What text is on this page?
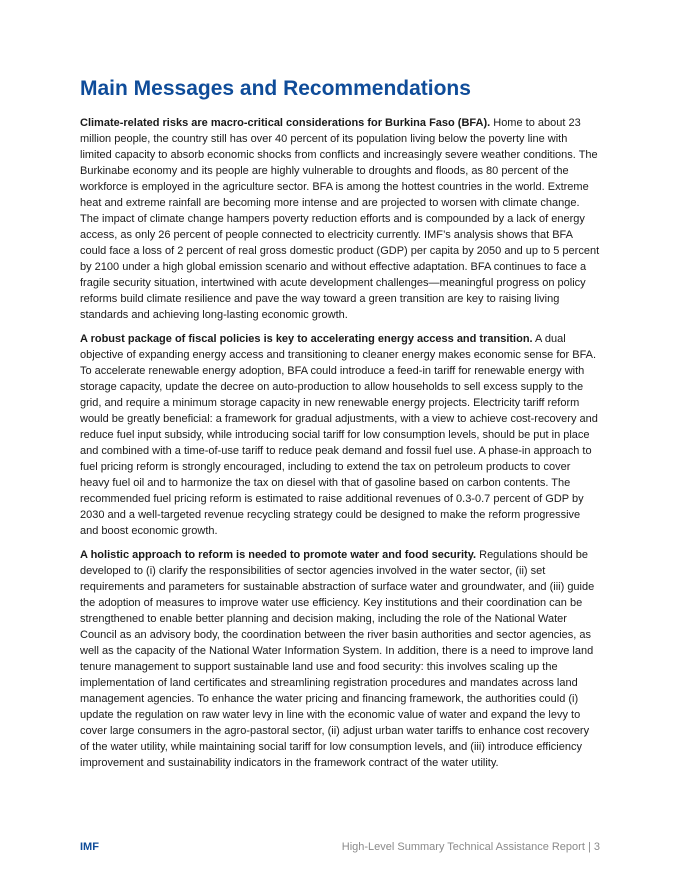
Main Messages and Recommendations

Climate-related risks are macro-critical considerations for Burkina Faso (BFA). Home to about 23 million people, the country still has over 40 percent of its population living below the poverty line with limited capacity to absorb economic shocks from conflicts and increasingly severe weather conditions. The Burkinabe economy and its people are highly vulnerable to droughts and floods, as 80 percent of the workforce is employed in the agriculture sector. BFA is among the hottest countries in the world. Extreme heat and extreme rainfall are becoming more intense and are projected to worsen with climate change. The impact of climate change hampers poverty reduction efforts and is compounded by a lack of energy access, as only 26 percent of people connected to electricity currently. IMF’s analysis shows that BFA could face a loss of 2 percent of real gross domestic product (GDP) per capita by 2050 and up to 5 percent by 2100 under a high global emission scenario and without effective adaptation. BFA continues to face a fragile security situation, intertwined with acute development challenges—meaningful progress on policy reforms build climate resilience and pave the way toward a green transition are key to raising living standards and achieving long-lasting economic growth.

A robust package of fiscal policies is key to accelerating energy access and transition. A dual objective of expanding energy access and transitioning to cleaner energy makes economic sense for BFA. To accelerate renewable energy adoption, BFA could introduce a feed-in tariff for renewable energy with storage capacity, update the decree on auto-production to allow households to sell excess supply to the grid, and require a minimum storage capacity in new renewable energy projects. Electricity tariff reform would be greatly beneficial: a framework for gradual adjustments, with a view to achieve cost-recovery and reduce fuel input subsidy, while introducing social tariff for low consumption levels, should be put in place and combined with a time-of-use tariff to reduce peak demand and fossil fuel use. A phase-in approach to fuel pricing reform is strongly encouraged, including to extend the tax on petroleum products to cover heavy fuel oil and to harmonize the tax on diesel with that of gasoline based on carbon contents. The recommended fuel pricing reform is estimated to raise additional revenues of 0.3-0.7 percent of GDP by 2030 and a well-targeted revenue recycling strategy could be designed to make the reform progressive and boost economic growth.

A holistic approach to reform is needed to promote water and food security. Regulations should be developed to (i) clarify the responsibilities of sector agencies involved in the water sector, (ii) set requirements and parameters for sustainable abstraction of surface water and groundwater, and (iii) guide the adoption of measures to improve water use efficiency. Key institutions and their coordination can be strengthened to enable better planning and decision making, including the role of the National Water Council as an advisory body, the coordination between the river basin authorities and sector agencies, as well as the capacity of the National Water Information System. In addition, there is a need to improve land tenure management to support sustainable land use and food security: this involves scaling up the implementation of land certificates and streamlining registration procedures and mandates across land management agencies. To enhance the water pricing and financing framework, the authorities could (i) update the regulation on raw water levy in line with the economic value of water and expand the levy to cover large consumers in the agro-pastoral sector, (ii) adjust urban water tariffs to enhance cost recovery of the water utility, while maintaining social tariff for low consumption levels, and (iii) introduce efficiency improvement and sustainability indicators in the framework contract of the water utility.

IMF	High-Level Summary Technical Assistance Report | 3
